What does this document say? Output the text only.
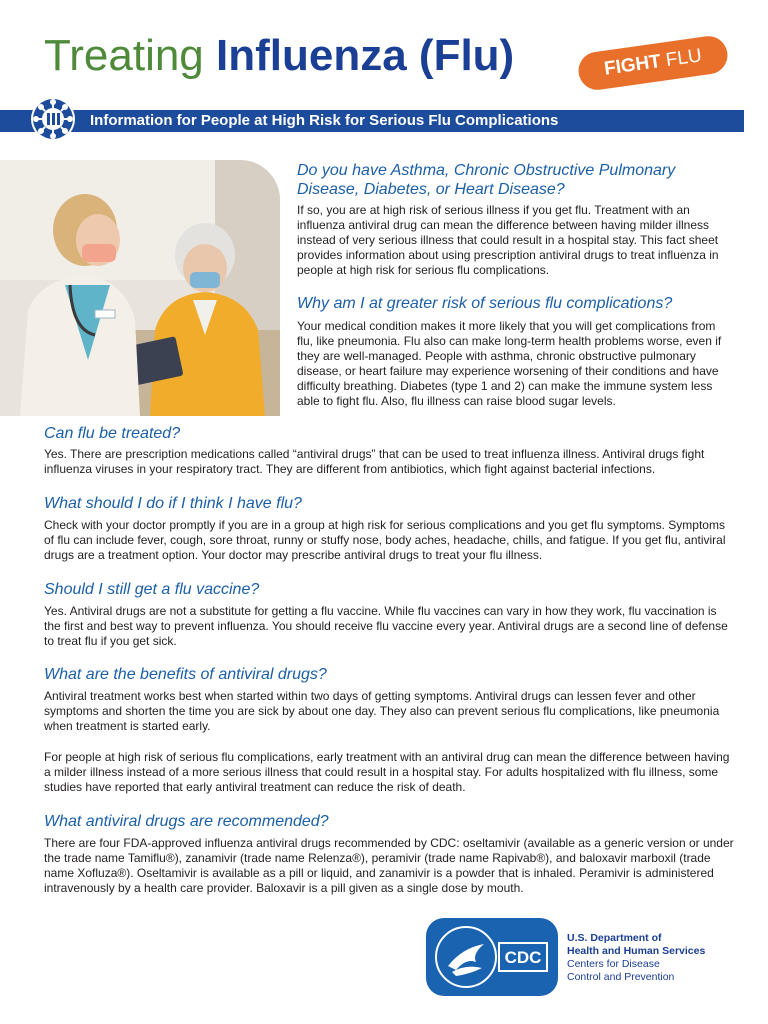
Treating Influenza (Flu)	FIGHT FLU
Information for People at High Risk for Serious Flu Complications
Do you have Asthma, Chronic Obstructive Pulmonary Disease, Diabetes, or Heart Disease?

If so, you are at high risk of serious illness if you get flu. Treatment with an influenza antiviral drug can mean the difference between having milder illness instead of very serious illness that could result in a hospital stay. This fact sheet provides information about using prescription antiviral drugs to treat influenza in people at high risk for serious flu complications.

Why am I at greater risk of serious flu complications?

Your medical condition makes it more likely that you will get complications from flu, like pneumonia. Flu also can make long-term health problems worse, even if they are well-managed. People with asthma, chronic obstructive pulmonary disease, or heart failure may experience worsening of their conditions and have difficulty breathing. Diabetes (type 1 and 2) can make the immune system less able to fight flu. Also, flu illness can raise blood sugar levels.

Can flu be treated?

Yes. There are prescription medications called “antiviral drugs” that can be used to treat influenza illness. Antiviral drugs fight influenza viruses in your respiratory tract. They are different from antibiotics, which fight against bacterial infections.

What should I do if I think I have flu?

Check with your doctor promptly if you are in a group at high risk for serious complications and you get flu symptoms. Symptoms of flu can include fever, cough, sore throat, runny or stuffy nose, body aches, headache, chills, and fatigue. If you get flu, antiviral drugs are a treatment option. Your doctor may prescribe antiviral drugs to treat your flu illness.

Should I still get a flu vaccine?

Yes. Antiviral drugs are not a substitute for getting a flu vaccine. While flu vaccines can vary in how they work, flu vaccination is the first and best way to prevent influenza. You should receive flu vaccine every year. Antiviral drugs are a second line of defense to treat flu if you get sick.

What are the benefits of antiviral drugs?

Antiviral treatment works best when started within two days of getting symptoms. Antiviral drugs can lessen fever and other symptoms and shorten the time you are sick by about one day. They also can prevent serious flu complications, like pneumonia when treatment is started early.

For people at high risk of serious flu complications, early treatment with an antiviral drug can mean the difference between having a milder illness instead of a more serious illness that could result in a hospital stay. For adults hospitalized with flu illness, some studies have reported that early antiviral treatment can reduce the risk of death.

What antiviral drugs are recommended?

There are four FDA-approved influenza antiviral drugs recommended by CDC: oseltamivir (available as a generic version or under the trade name Tamiflu®), zanamivir (trade name Relenza®), peramivir (trade name Rapivab®), and baloxavir marboxil (trade name Xofluza®). Oseltamivir is available as a pill or liquid, and zanamivir is a powder that is inhaled. Peramivir is administered intravenously by a health care provider. Baloxavir is a pill given as a single dose by mouth.

CDC
U.S. Department of
Health and Human Services
Centers for Disease
Control and Prevention
